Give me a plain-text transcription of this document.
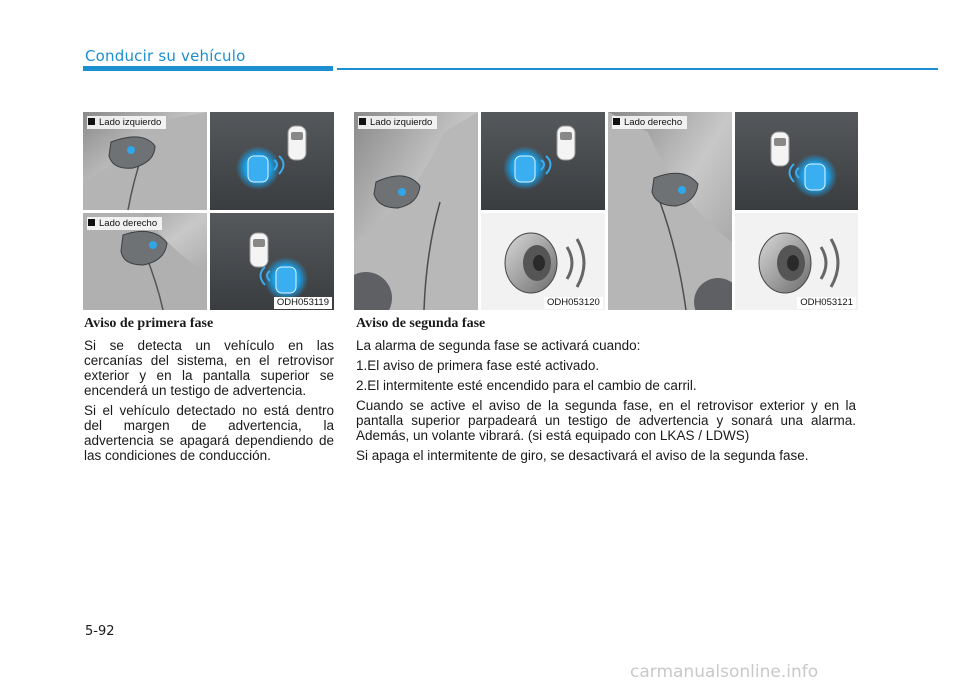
Conducir su vehículo
Lado izquierdo
Lado derecho
ODH053119
Lado izquierdo	Lado derecho
ODH053120	ODH053121
Aviso de primera fase

Si se detecta un vehículo en las cercanías del sistema, en el retrovisor exterior y en la pantalla superior se encenderá un testigo de advertencia.

Si el vehículo detectado no está dentro del margen de advertencia, la advertencia se apagará dependiendo de las condiciones de conducción.

Aviso de segunda fase

La alarma de segunda fase se activará cuando:

1.El aviso de primera fase esté activado.

2.El intermitente esté encendido para el cambio de carril.

Cuando se active el aviso de la segunda fase, en el retrovisor exterior y en la pantalla superior parpadeará un testigo de advertencia y sonará una alarma. Además, un volante vibrará. (si está equipado con LKAS / LDWS)

Si apaga el intermitente de giro, se desactivará el aviso de la segunda fase.

5-92
carmanualsonline.info
